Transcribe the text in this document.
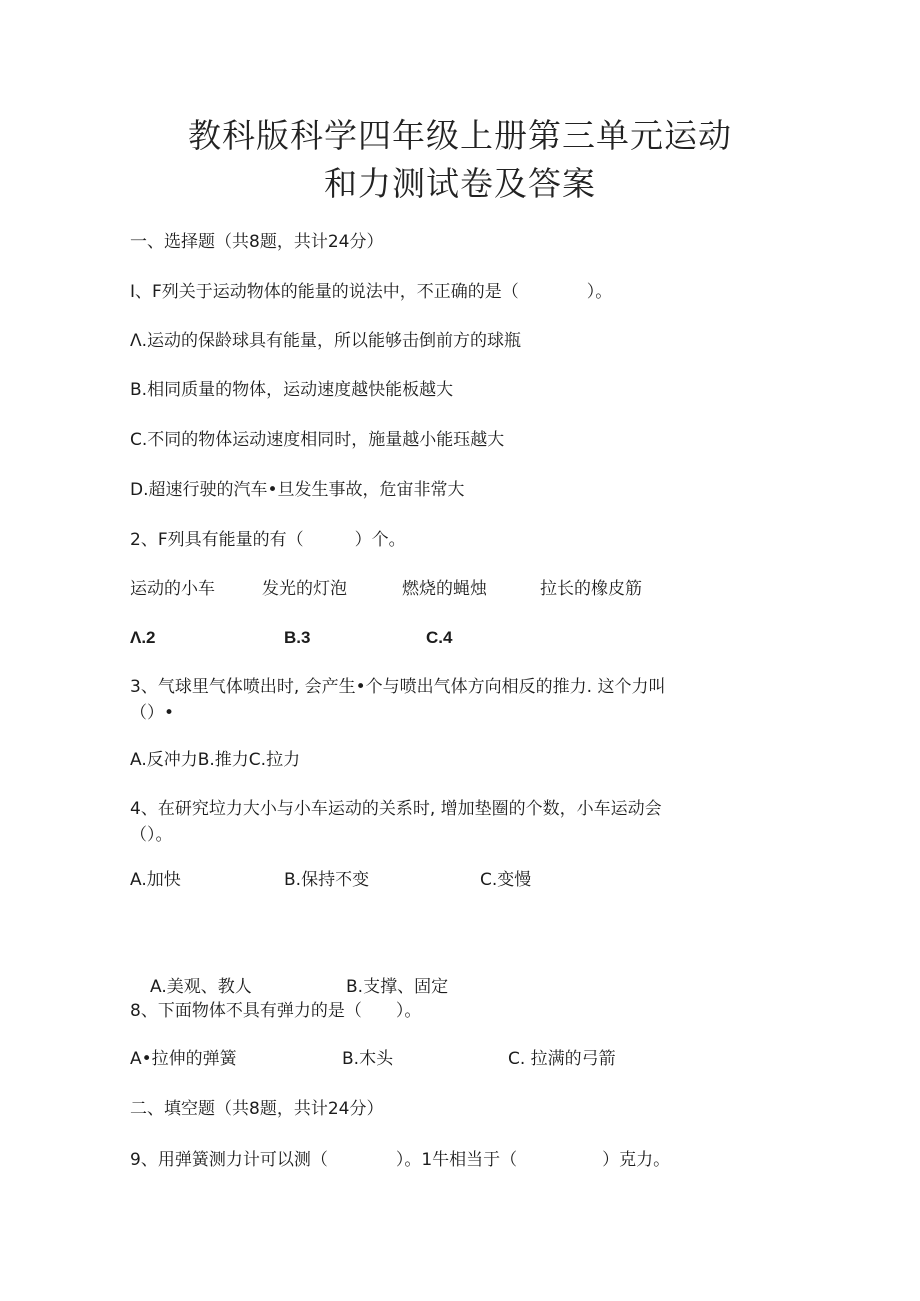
教科版科学四年级上册第三单元运动
和力测试卷及答案
一、选择题（共8题，共计24分）
I、F列关于运动物体的能量的说法中，不正确的是（　　　　）。
Λ.运动的保龄球具有能量，所以能够击倒前方的球瓶
B.相同质量的物体，运动速度越快能板越大
C.不同的物体运动速度相同时，施量越小能珏越大
D.超速行驶的汽车•旦发生事故，危宙非常大
2、F列具有能量的有（　　　）个。
运动的小车	发光的灯泡	燃烧的蝇烛	拉长的橡皮筋
Λ.2	B.3	C.4
3、气球里气体喷出时, 会产生•个与喷出气体方向相反的推力. 这个力叫
（）•
A.反冲力B.推力C.拉力
4、在研究垃力大小与小车运动的关系时, 增加垫圈的个数，小车运动会
（）。
A.加快	B.保持不变	C.变慢
A.美观、教人	B.支撑、固定
8、下面物体不具有弹力的是（　　）。
A•拉伸的弹簧	B.木头	C. 拉满的弓箭
二、填空题（共8题，共计24分）
9、用弹簧测力计可以测（　　　　）。1牛相当于（　　　　　）克力。
